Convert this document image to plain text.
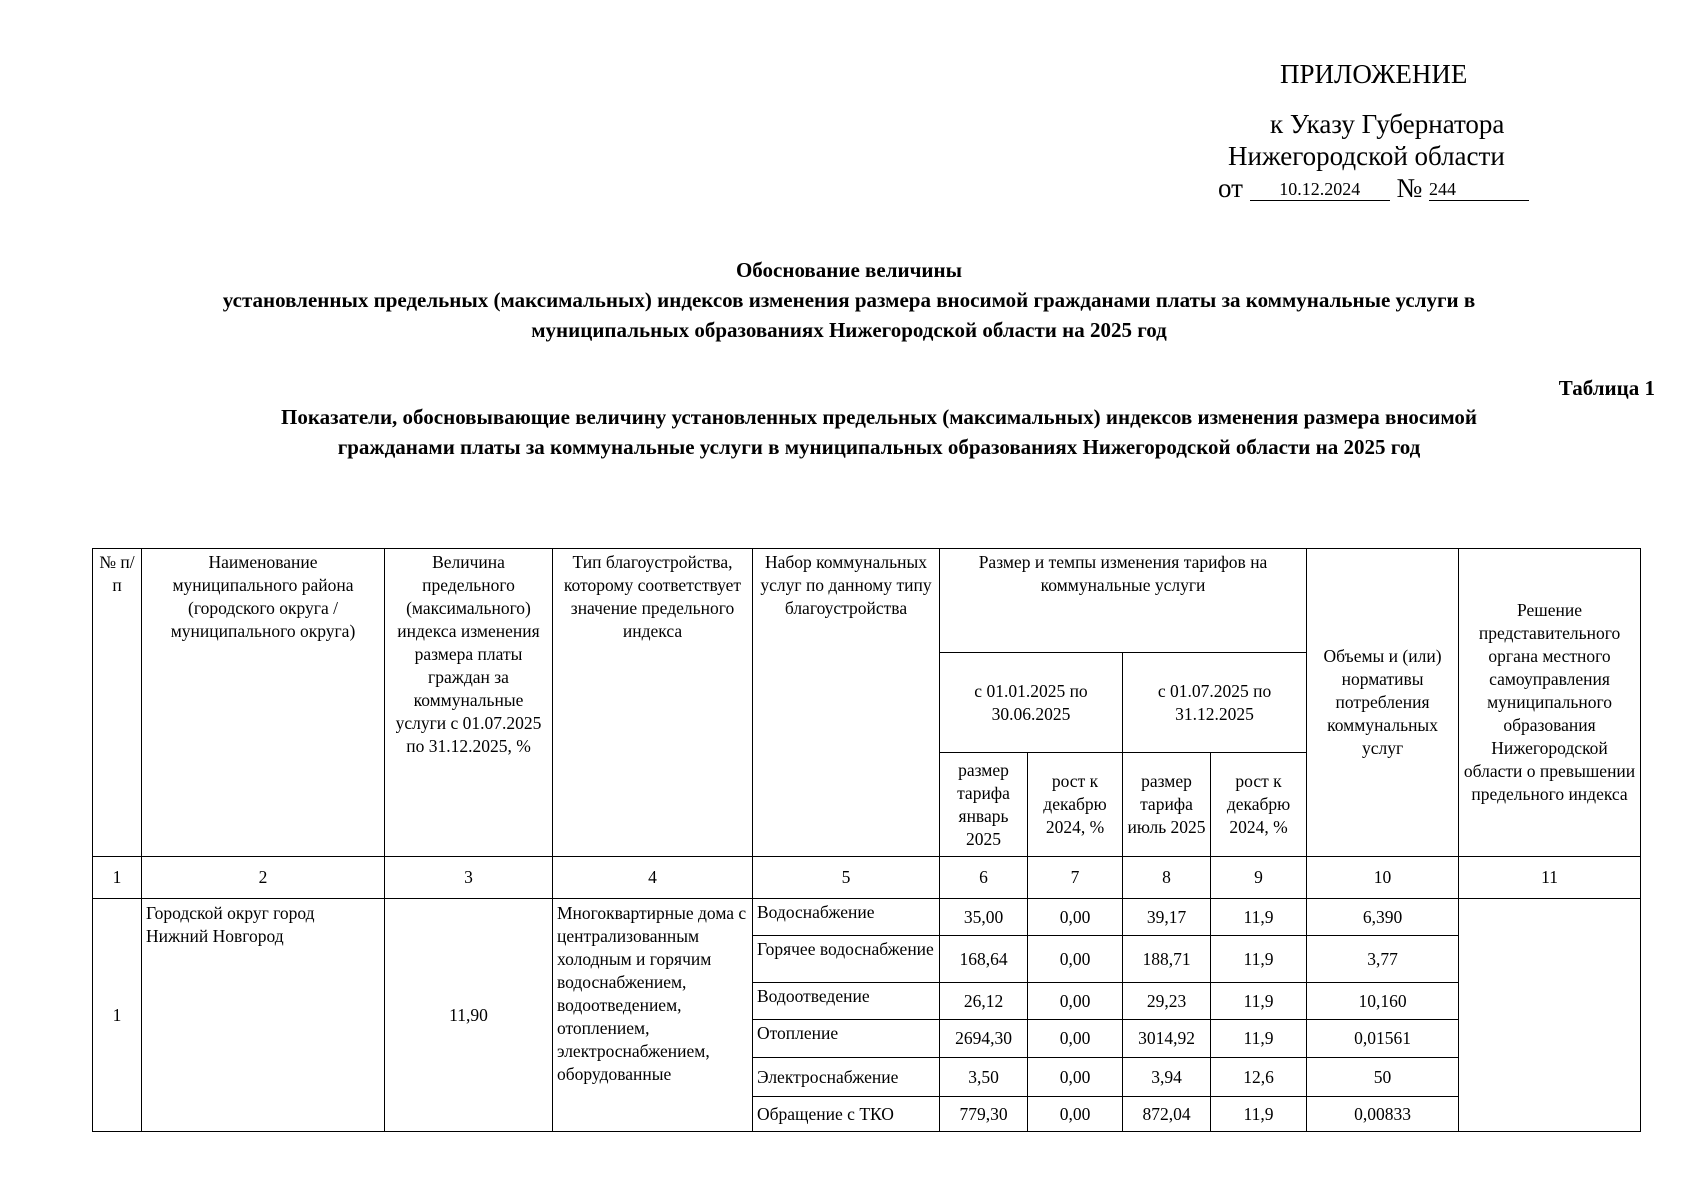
ПРИЛОЖЕНИЕ
к Указу Губернатора
Нижегородской области
от 10.12.2024 № 244
Обоснование величины
установленных предельных (максимальных) индексов изменения размера вносимой гражданами платы за коммунальные услуги в
муниципальных образованиях Нижегородской области на 2025 год
Таблица 1
Показатели, обосновывающие величину установленных предельных (максимальных) индексов изменения размера вносимой
гражданами платы за коммунальные услуги в муниципальных образованиях Нижегородской области на 2025 год
№ п/п	Наименование муниципального района (городского округа / муниципального округа)	Величина предельного (максимального) индекса изменения размера платы граждан за коммунальные услуги с 01.07.2025 по 31.12.2025, %	Тип благоустройства, которому соответствует значение предельного индекса	Набор коммунальных услуг по данному типу благоустройства	Размер и темпы изменения тарифов на коммунальные услуги				Объемы и (или) нормативы потребления коммунальных услуг	Решение представительного органа местного самоуправления муниципального образования Нижегородской области о превышении предельного индекса
					с 01.01.2025 по 30.06.2025		с 01.07.2025 по 31.12.2025			
					размер тарифа январь 2025	рост к декабрю 2024, %	размер тарифа июль 2025	рост к декабрю 2024, %		
1	2	3	4	5	6	7	8	9	10	11
1	Городской округ город Нижний Новгород	11,90	Многоквартирные дома с централизованным холодным и горячим водоснабжением, водоотведением, отоплением, электроснабжением, оборудованные	Водоснабжение	35,00	0,00	39,17	11,9	6,390	
				Горячее водоснабжение	168,64	0,00	188,71	11,9	3,77	
				Водоотведение	26,12	0,00	29,23	11,9	10,160	
				Отопление	2694,30	0,00	3014,92	11,9	0,01561	
				Электроснабжение	3,50	0,00	3,94	12,6	50	
				Обращение с ТКО	779,30	0,00	872,04	11,9	0,00833	
